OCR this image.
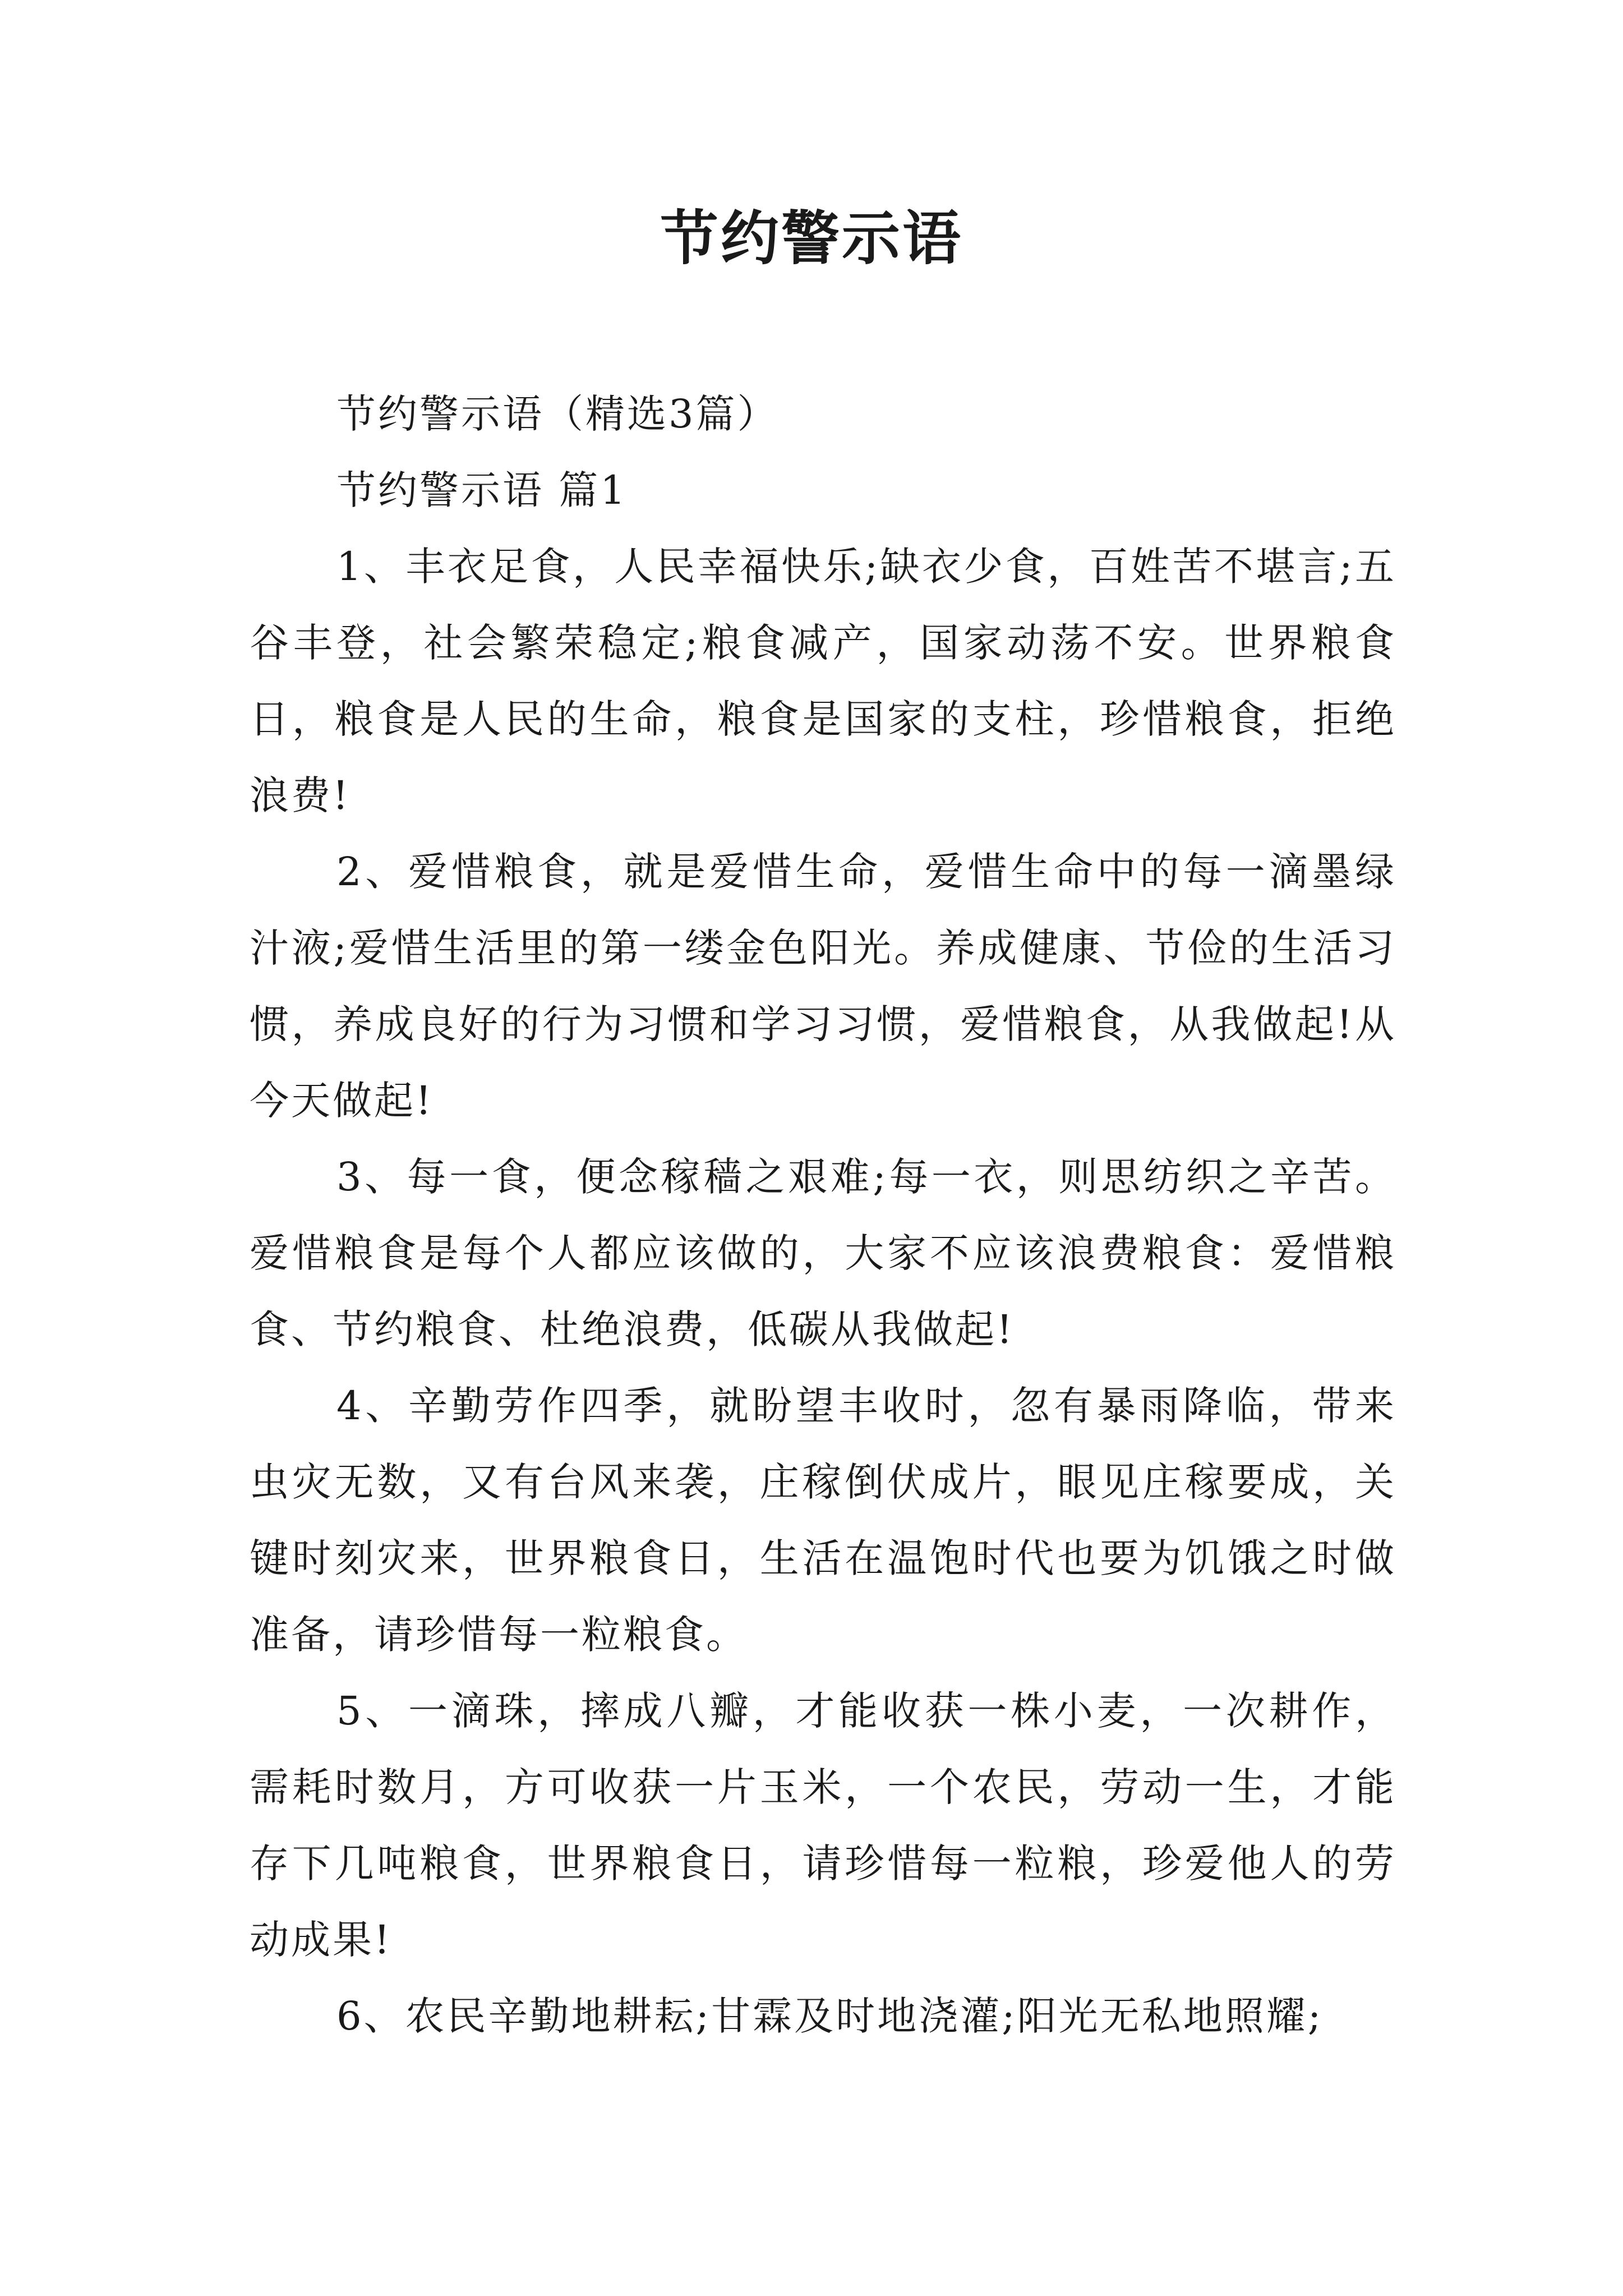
节约警示语

节约警示语（精选3篇）

节约警示语 篇1

1、丰衣足食，人民幸福快乐;缺衣少食，百姓苦不堪言;五谷丰登，社会繁荣稳定;粮食减产，国家动荡不安。世界粮食日，粮食是人民的生命，粮食是国家的支柱，珍惜粮食，拒绝浪费!

2、爱惜粮食，就是爱惜生命，爱惜生命中的每一滴墨绿汁液;爱惜生活里的第一缕金色阳光。养成健康、节俭的生活习惯，养成良好的行为习惯和学习习惯，爱惜粮食，从我做起!从今天做起!

3、每一食，便念稼穑之艰难;每一衣，则思纺织之辛苦。爱惜粮食是每个人都应该做的，大家不应该浪费粮食：爱惜粮食、节约粮食、杜绝浪费，低碳从我做起!

4、辛勤劳作四季，就盼望丰收时，忽有暴雨降临，带来虫灾无数，又有台风来袭，庄稼倒伏成片，眼见庄稼要成，关键时刻灾来，世界粮食日，生活在温饱时代也要为饥饿之时做准备，请珍惜每一粒粮食。

5、一滴珠，摔成八瓣，才能收获一株小麦，一次耕作，需耗时数月，方可收获一片玉米，一个农民，劳动一生，才能存下几吨粮食，世界粮食日，请珍惜每一粒粮，珍爱他人的劳动成果!

6、农民辛勤地耕耘;甘霖及时地浇灌;阳光无私地照耀;
